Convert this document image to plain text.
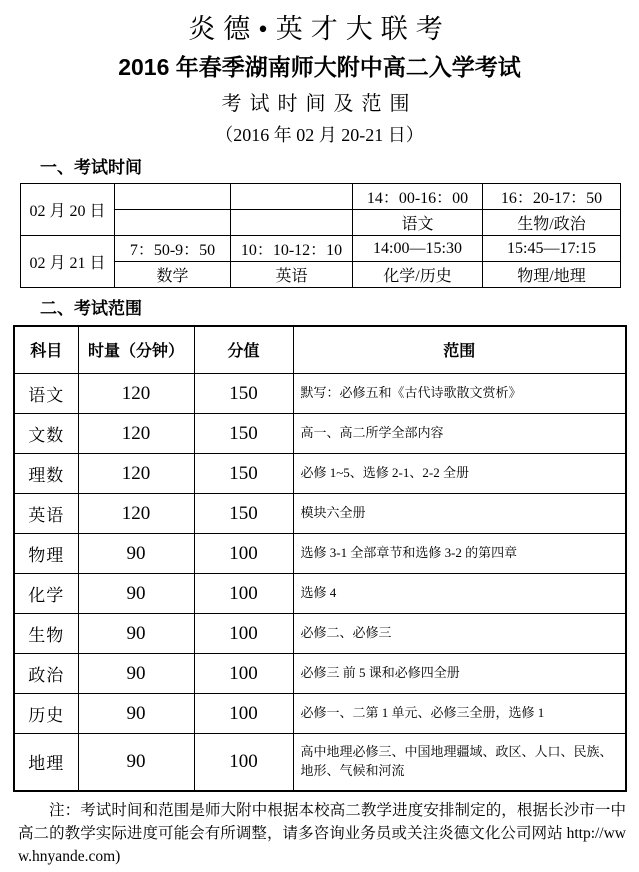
炎德•英才大联考
2016 年春季湖南师大附中高二入学考试
考试时间及范围
（2016 年 02 月 20-21 日）
一、考试时间
02 月 20 日			14：00-16：00	16：20-17：50
			语文	生物/政治
02 月 21 日	7：50-9：50	10：10-12：10	14:00—15:30	15:45—17:15
	数学	英语	化学/历史	物理/地理
二、考试范围
科目	时量（分钟）	分值	范围
语文	120	150	默写：必修五和《古代诗歌散文赏析》
文数	120	150	高一、高二所学全部内容
理数	120	150	必修 1~5、选修 2-1、2-2 全册
英语	120	150	模块六全册
物理	90	100	选修 3-1 全部章节和选修 3-2 的第四章
化学	90	100	选修 4
生物	90	100	必修二、必修三
政治	90	100	必修三 前 5 课和必修四全册
历史	90	100	必修一、二第 1 单元、必修三全册，选修 1
地理	90	100	高中地理必修三、中国地理疆域、政区、人口、民族、地形、气候和河流

注：考试时间和范围是师大附中根据本校高二教学进度安排制定的，根据长沙市一中高二的教学实际进度可能会有所调整，请多咨询业务员或关注炎德文化公司网站 http://www.hnyande.com)
